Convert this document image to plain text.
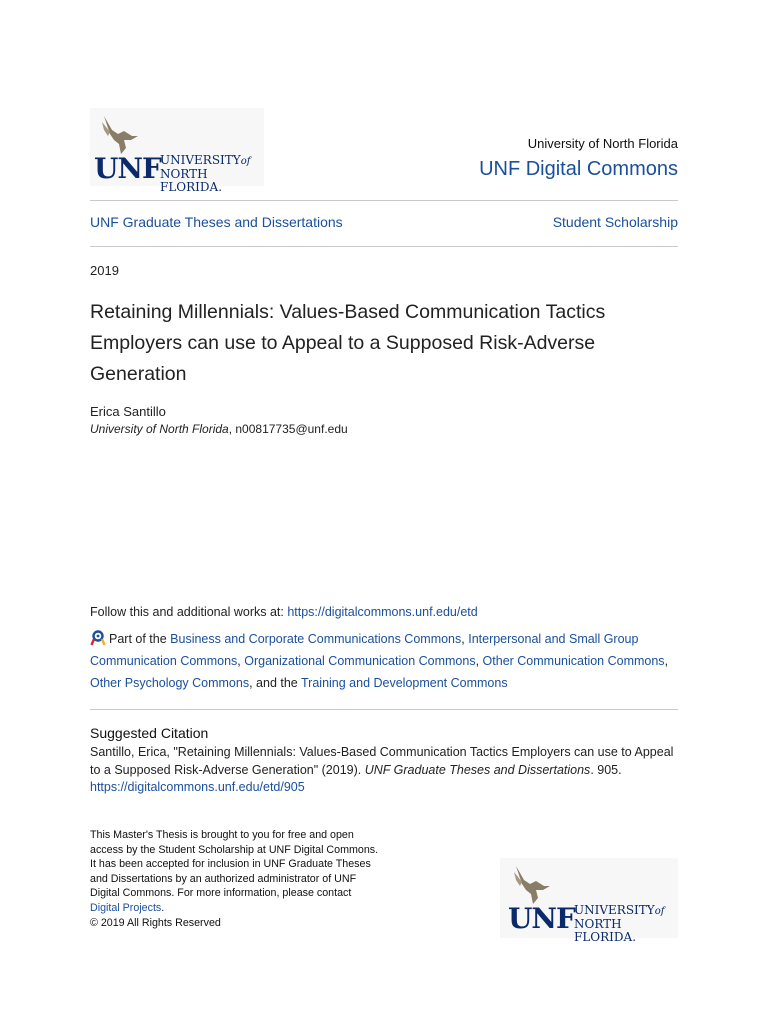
UNF UNIVERSITYof
NORTH FLORIDA.
University of North Florida
UNF Digital Commons
UNF Graduate Theses and Dissertations	Student Scholarship
2019
Retaining Millennials: Values-Based Communication Tactics Employers can use to Appeal to a Supposed Risk-Adverse Generation
Erica Santillo
University of North Florida, n00817735@unf.edu
Follow this and additional works at: https://digitalcommons.unf.edu/etd
Part of the Business and Corporate Communications Commons, Interpersonal and Small Group Communication Commons, Organizational Communication Commons, Other Communication Commons, Other Psychology Commons, and the Training and Development Commons
Suggested Citation
Santillo, Erica, "Retaining Millennials: Values-Based Communication Tactics Employers can use to Appeal to a Supposed Risk-Adverse Generation" (2019). UNF Graduate Theses and Dissertations. 905.
https://digitalcommons.unf.edu/etd/905
This Master's Thesis is brought to you for free and open access by the Student Scholarship at UNF Digital Commons. It has been accepted for inclusion in UNF Graduate Theses and Dissertations by an authorized administrator of UNF Digital Commons. For more information, please contact Digital Projects.
© 2019 All Rights Reserved	UNF UNIVERSITYof
NORTH FLORIDA.
